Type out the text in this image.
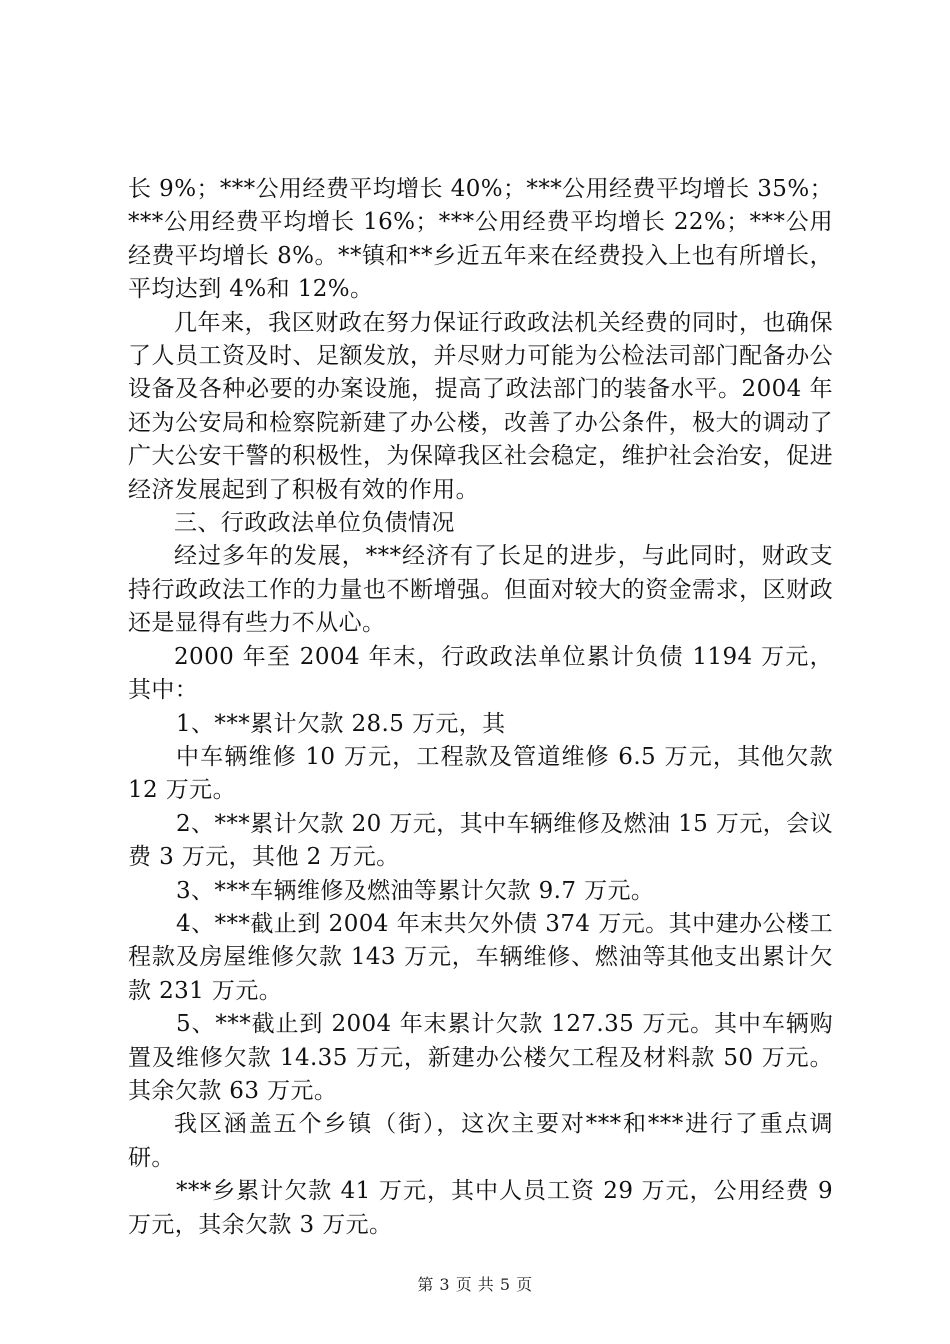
长 9%；***公用经费平均增长 40%；***公用经费平均增长 35%；***公用经费平均增长 16%；***公用经费平均增长 22%；***公用经费平均增长 8%。**镇和**乡近五年来在经费投入上也有所增长，平均达到 4%和 12%。

几年来，我区财政在努力保证行政政法机关经费的同时，也确保了人员工资及时、足额发放，并尽财力可能为公检法司部门配备办公设备及各种必要的办案设施，提高了政法部门的装备水平。2004 年还为公安局和检察院新建了办公楼，改善了办公条件，极大的调动了广大公安干警的积极性，为保障我区社会稳定，维护社会治安，促进经济发展起到了积极有效的作用。

三、行政政法单位负债情况

经过多年的发展，***经济有了长足的进步，与此同时，财政支持行政政法工作的力量也不断增强。但面对较大的资金需求，区财政还是显得有些力不从心。

2000 年至 2004 年末，行政政法单位累计负债 1194 万元，其中：

1、***累计欠款 28.5 万元，其

中车辆维修 10 万元，工程款及管道维修 6.5 万元，其他欠款 12 万元。

2、***累计欠款 20 万元，其中车辆维修及燃油 15 万元，会议费 3 万元，其他 2 万元。

3、***车辆维修及燃油等累计欠款 9.7 万元。

4、***截止到 2004 年末共欠外债 374 万元。其中建办公楼工程款及房屋维修欠款 143 万元，车辆维修、燃油等其他支出累计欠款 231 万元。

5、***截止到 2004 年末累计欠款 127.35 万元。其中车辆购置及维修欠款 14.35 万元，新建办公楼欠工程及材料款 50 万元。其余欠款 63 万元。

我区涵盖五个乡镇（街），这次主要对***和***进行了重点调研。

***乡累计欠款 41 万元，其中人员工资 29 万元，公用经费 9 万元，其余欠款 3 万元。

第 3 页 共 5 页
